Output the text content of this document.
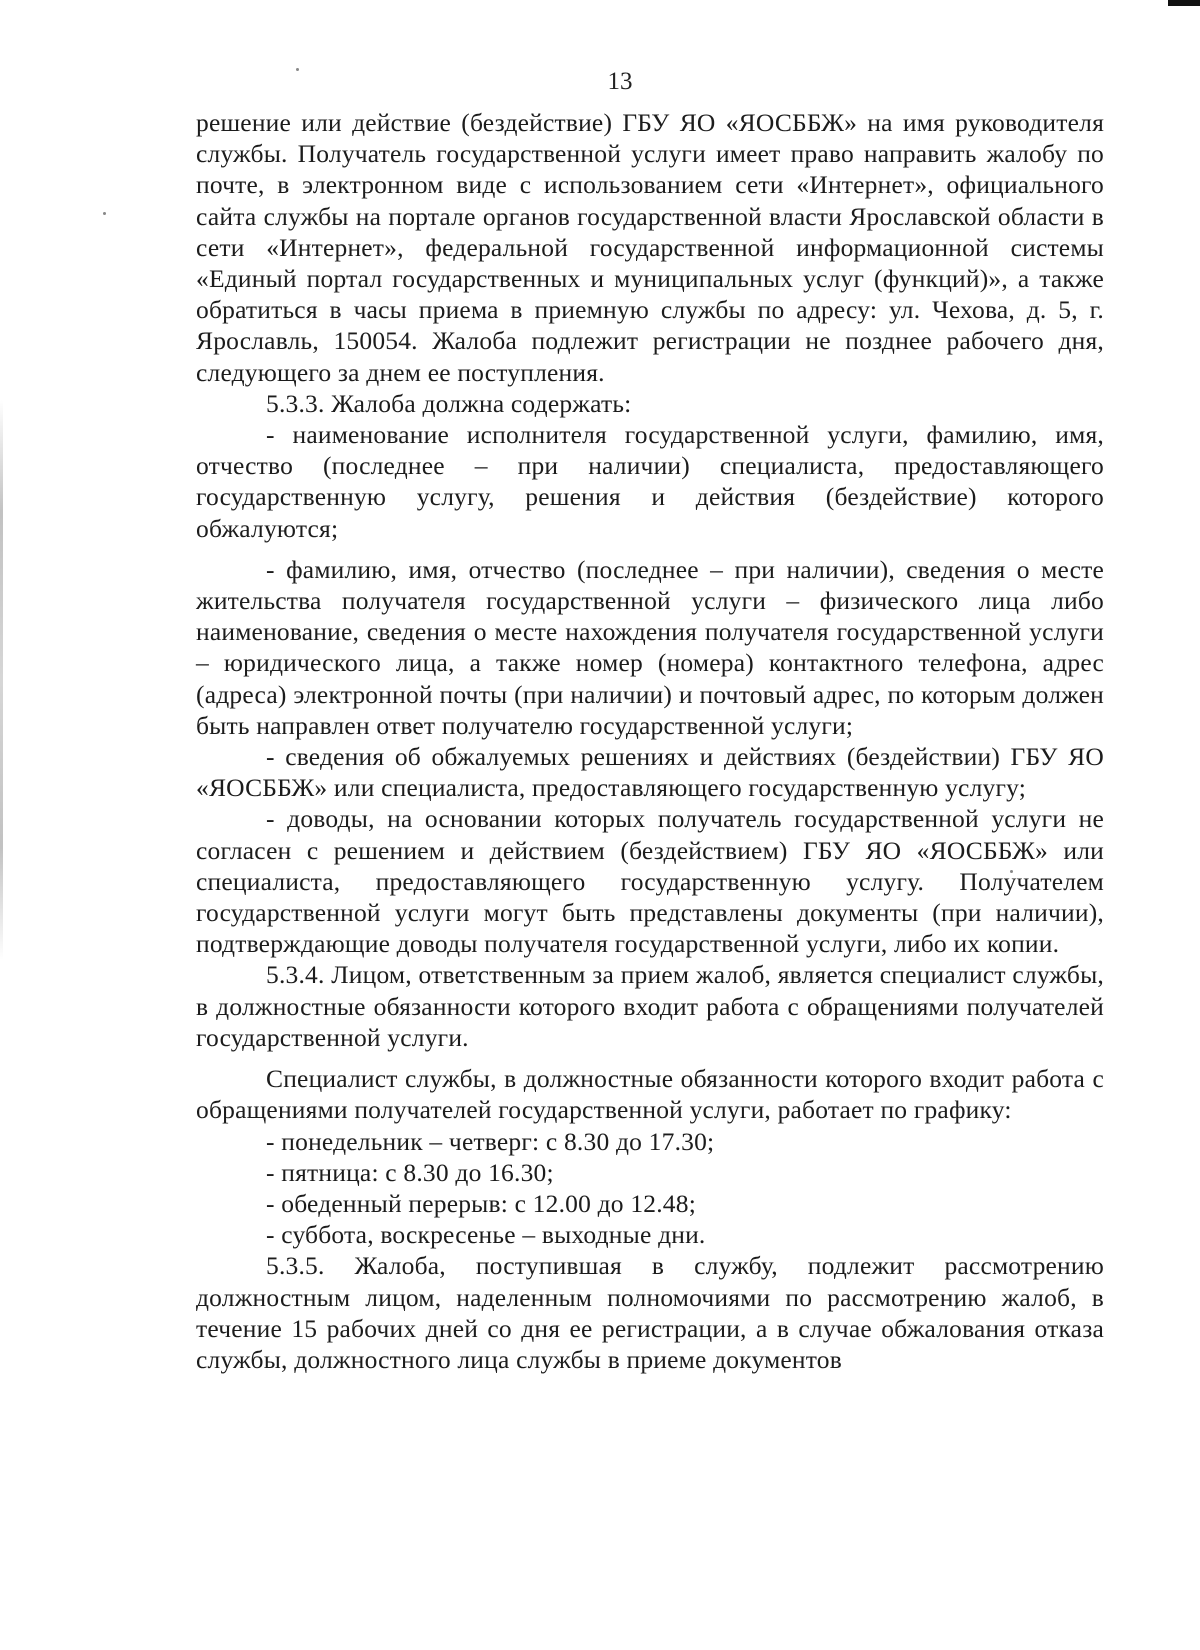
13

решение или действие (бездействие) ГБУ ЯО «ЯОСББЖ» на имя руководителя службы. Получатель государственной услуги имеет право направить жалобу по почте, в электронном виде с использованием сети «Интернет», официального сайта службы на портале органов государственной власти Ярославской области в сети «Интернет», федеральной государственной информационной системы «Единый портал государственных и муниципальных услуг (функций)», а также обратиться в часы приема в приемную службы по адресу: ул. Чехова, д. 5, г. Ярославль, 150054. Жалоба подлежит регистрации не позднее рабочего дня, следующего за днем ее поступления.

5.3.3. Жалоба должна содержать:

- наименование исполнителя государственной услуги, фамилию, имя, отчество (последнее – при наличии) специалиста, предоставляющего государственную услугу, решения и действия (бездействие) которого обжалуются;

- фамилию, имя, отчество (последнее – при наличии), сведения о месте жительства получателя государственной услуги – физического лица либо наименование, сведения о месте нахождения получателя государственной услуги – юридического лица, а также номер (номера) контактного телефона, адрес (адреса) электронной почты (при наличии) и почтовый адрес, по которым должен быть направлен ответ получателю государственной услуги;

- сведения об обжалуемых решениях и действиях (бездействии) ГБУ ЯО «ЯОСББЖ» или специалиста, предоставляющего государственную услугу;

- доводы, на основании которых получатель государственной услуги не согласен с решением и действием (бездействием) ГБУ ЯО «ЯОСББЖ» или специалиста, предоставляющего государственную услугу. Получателем государственной услуги могут быть представлены документы (при наличии), подтверждающие доводы получателя государственной услуги, либо их копии.

5.3.4. Лицом, ответственным за прием жалоб, является специалист службы, в должностные обязанности которого входит работа с обращениями получателей государственной услуги.

Специалист службы, в должностные обязанности которого входит работа с обращениями получателей государственной услуги, работает по графику:

- понедельник – четверг: с 8.30 до 17.30;

- пятница: с 8.30 до 16.30;

- обеденный перерыв: с 12.00 до 12.48;

- суббота, воскресенье – выходные дни.

5.3.5. Жалоба, поступившая в службу, подлежит рассмотрению должностным лицом, наделенным полномочиями по рассмотрению жалоб, в течение 15 рабочих дней со дня ее регистрации, а в случае обжалования отказа службы, должностного лица службы в приеме документов
